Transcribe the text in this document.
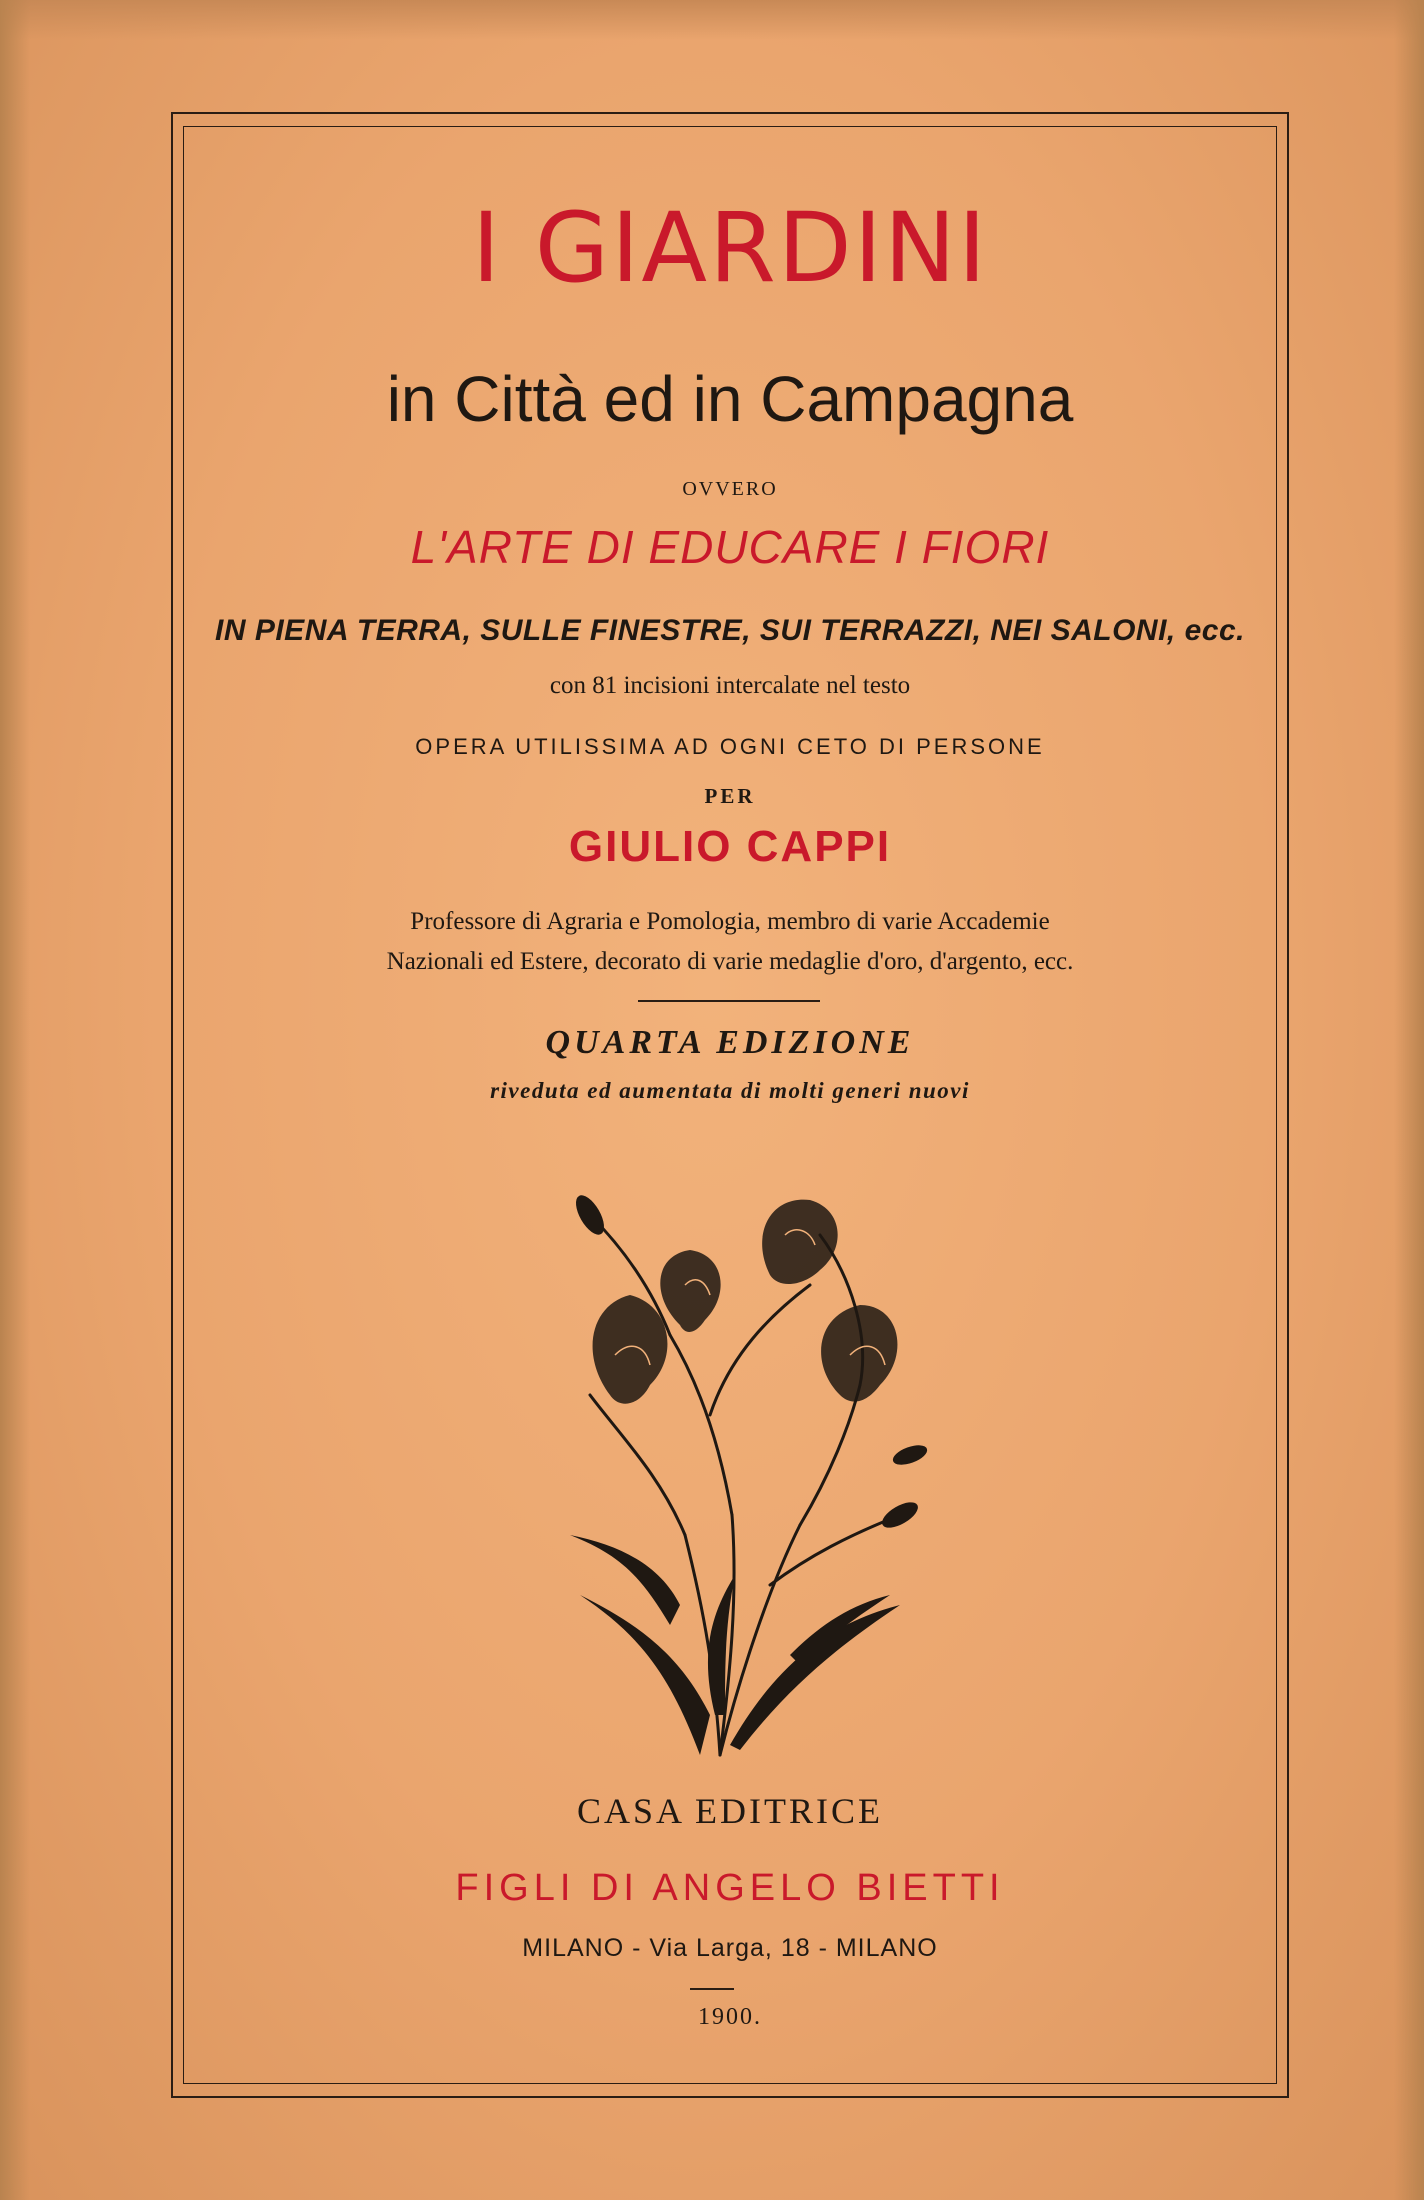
I GIARDINI

in Città ed in Campagna

OVVERO

L'ARTE DI EDUCARE I FIORI

IN PIENA TERRA, SULLE FINESTRE, SUI TERRAZZI, NEI SALONI, ecc.

con 81 incisioni intercalate nel testo

OPERA UTILISSIMA AD OGNI CETO DI PERSONE

PER

GIULIO CAPPI

Professore di Agraria e Pomologia, membro di varie Accademie

Nazionali ed Estere, decorato di varie medaglie d'oro, d'argento, ecc.

QUARTA EDIZIONE

riveduta ed aumentata di molti generi nuovi

CASA EDITRICE

FIGLI DI ANGELO BIETTI

MILANO - Via Larga, 18 - MILANO

1900.
